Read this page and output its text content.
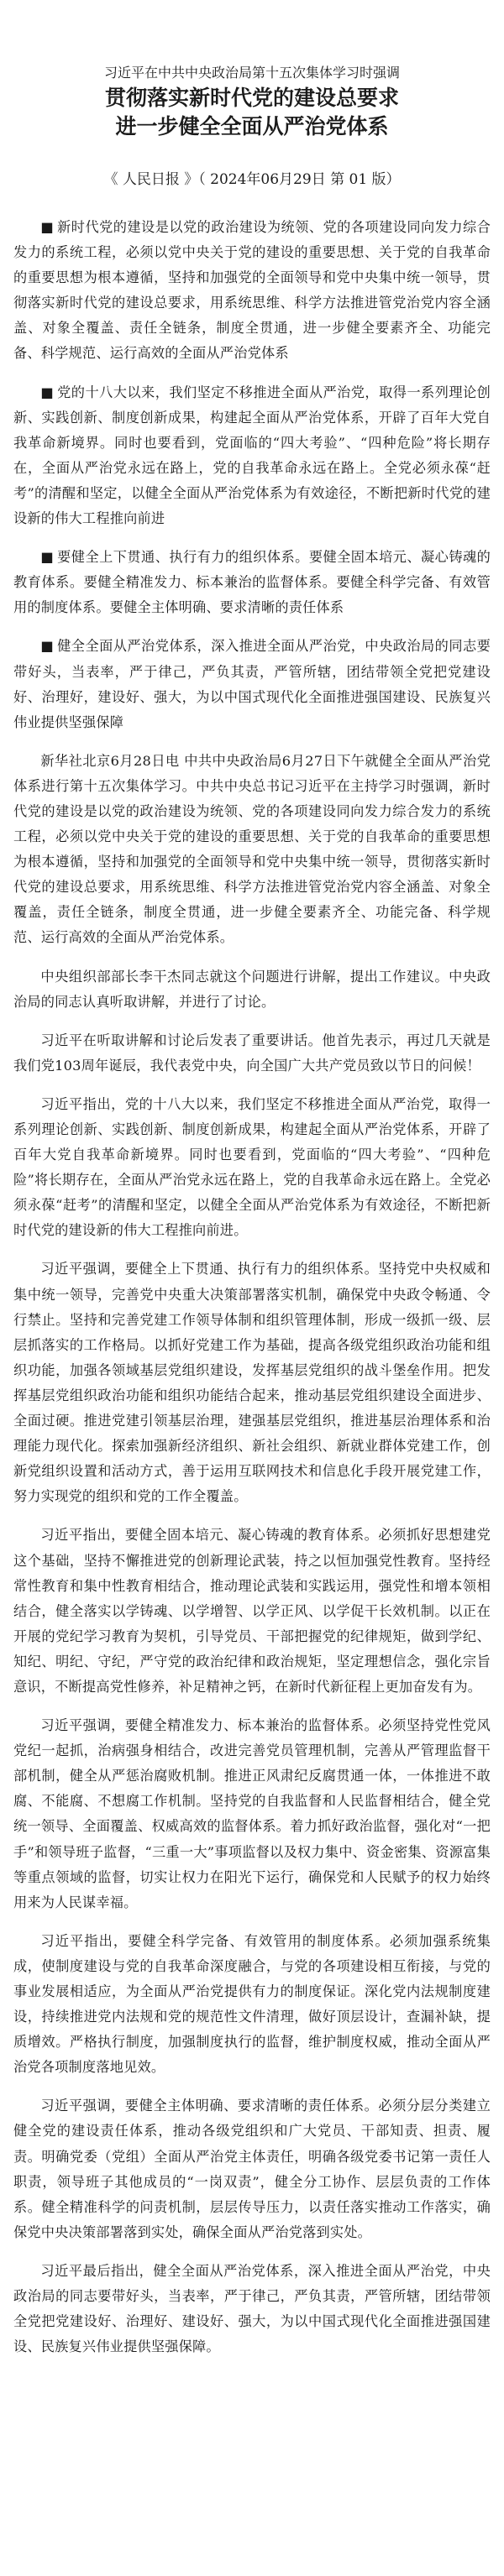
习近平在中共中央政治局第十五次集体学习时强调

贯彻落实新时代党的建设总要求
进一步健全全面从严治党体系

《 人民日报 》（ 2024年06月29日 第 01 版）

■ 新时代党的建设是以党的政治建设为统领、党的各项建设同向发力综合发力的系统工程，必须以党中央关于党的建设的重要思想、关于党的自我革命的重要思想为根本遵循，坚持和加强党的全面领导和党中央集中统一领导，贯彻落实新时代党的建设总要求，用系统思维、科学方法推进管党治党内容全涵盖、对象全覆盖、责任全链条，制度全贯通，进一步健全要素齐全、功能完备、科学规范、运行高效的全面从严治党体系

■ 党的十八大以来，我们坚定不移推进全面从严治党，取得一系列理论创新、实践创新、制度创新成果，构建起全面从严治党体系，开辟了百年大党自我革命新境界。同时也要看到，党面临的“四大考验”、“四种危险”将长期存在，全面从严治党永远在路上，党的自我革命永远在路上。全党必须永葆“赶考”的清醒和坚定，以健全全面从严治党体系为有效途径，不断把新时代党的建设新的伟大工程推向前进

■ 要健全上下贯通、执行有力的组织体系。要健全固本培元、凝心铸魂的教育体系。要健全精准发力、标本兼治的监督体系。要健全科学完备、有效管用的制度体系。要健全主体明确、要求清晰的责任体系

■ 健全全面从严治党体系，深入推进全面从严治党，中央政治局的同志要带好头，当表率，严于律己，严负其责，严管所辖，团结带领全党把党建设好、治理好，建设好、强大，为以中国式现代化全面推进强国建设、民族复兴伟业提供坚强保障

新华社北京6月28日电 中共中央政治局6月27日下午就健全全面从严治党体系进行第十五次集体学习。中共中央总书记习近平在主持学习时强调，新时代党的建设是以党的政治建设为统领、党的各项建设同向发力综合发力的系统工程，必须以党中央关于党的建设的重要思想、关于党的自我革命的重要思想为根本遵循，坚持和加强党的全面领导和党中央集中统一领导，贯彻落实新时代党的建设总要求，用系统思维、科学方法推进管党治党内容全涵盖、对象全覆盖，责任全链条，制度全贯通，进一步健全要素齐全、功能完备、科学规范、运行高效的全面从严治党体系。

中央组织部部长李干杰同志就这个问题进行讲解，提出工作建议。中央政治局的同志认真听取讲解，并进行了讨论。

习近平在听取讲解和讨论后发表了重要讲话。他首先表示，再过几天就是我们党103周年诞辰，我代表党中央，向全国广大共产党员致以节日的问候！

习近平指出，党的十八大以来，我们坚定不移推进全面从严治党，取得一系列理论创新、实践创新、制度创新成果，构建起全面从严治党体系，开辟了百年大党自我革命新境界。同时也要看到，党面临的“四大考验”、“四种危险”将长期存在，全面从严治党永远在路上，党的自我革命永远在路上。全党必须永葆“赶考”的清醒和坚定，以健全全面从严治党体系为有效途径，不断把新时代党的建设新的伟大工程推向前进。

习近平强调，要健全上下贯通、执行有力的组织体系。坚持党中央权威和集中统一领导，完善党中央重大决策部署落实机制，确保党中央政令畅通、令行禁止。坚持和完善党建工作领导体制和组织管理体制，形成一级抓一级、层层抓落实的工作格局。以抓好党建工作为基础，提高各级党组织政治功能和组织功能，加强各领域基层党组织建设，发挥基层党组织的战斗堡垒作用。把发挥基层党组织政治功能和组织功能结合起来，推动基层党组织建设全面进步、全面过硬。推进党建引领基层治理，建强基层党组织，推进基层治理体系和治理能力现代化。探索加强新经济组织、新社会组织、新就业群体党建工作，创新党组织设置和活动方式，善于运用互联网技术和信息化手段开展党建工作，努力实现党的组织和党的工作全覆盖。

习近平指出，要健全固本培元、凝心铸魂的教育体系。必须抓好思想建党这个基础，坚持不懈推进党的创新理论武装，持之以恒加强党性教育。坚持经常性教育和集中性教育相结合，推动理论武装和实践运用，强党性和增本领相结合，健全落实以学铸魂、以学增智、以学正风、以学促干长效机制。以正在开展的党纪学习教育为契机，引导党员、干部把握党的纪律规矩，做到学纪、知纪、明纪、守纪，严守党的政治纪律和政治规矩，坚定理想信念，强化宗旨意识，不断提高党性修养，补足精神之钙，在新时代新征程上更加奋发有为。

习近平强调，要健全精准发力、标本兼治的监督体系。必须坚持党性党风党纪一起抓，治病强身相结合，改进完善党员管理机制，完善从严管理监督干部机制，健全从严惩治腐败机制。推进正风肃纪反腐贯通一体，一体推进不敢腐、不能腐、不想腐工作机制。坚持党的自我监督和人民监督相结合，健全党统一领导、全面覆盖、权威高效的监督体系。着力抓好政治监督，强化对“一把手”和领导班子监督，“三重一大”事项监督以及权力集中、资金密集、资源富集等重点领域的监督，切实让权力在阳光下运行，确保党和人民赋予的权力始终用来为人民谋幸福。

习近平指出，要健全科学完备、有效管用的制度体系。必须加强系统集成，使制度建设与党的自我革命深度融合，与党的各项建设相互衔接，与党的事业发展相适应，为全面从严治党提供有力的制度保证。深化党内法规制度建设，持续推进党内法规和党的规范性文件清理，做好顶层设计，查漏补缺，提质增效。严格执行制度，加强制度执行的监督，维护制度权威，推动全面从严治党各项制度落地见效。

习近平强调，要健全主体明确、要求清晰的责任体系。必须分层分类建立健全党的建设责任体系，推动各级党组织和广大党员、干部知责、担责、履责。明确党委（党组）全面从严治党主体责任，明确各级党委书记第一责任人职责，领导班子其他成员的“一岗双责”，健全分工协作、层层负责的工作体系。健全精准科学的问责机制，层层传导压力，以责任落实推动工作落实，确保党中央决策部署落到实处，确保全面从严治党落到实处。

习近平最后指出，健全全面从严治党体系，深入推进全面从严治党，中央政治局的同志要带好头，当表率，严于律己，严负其责，严管所辖，团结带领全党把党建设好、治理好、建设好、强大，为以中国式现代化全面推进强国建设、民族复兴伟业提供坚强保障。
